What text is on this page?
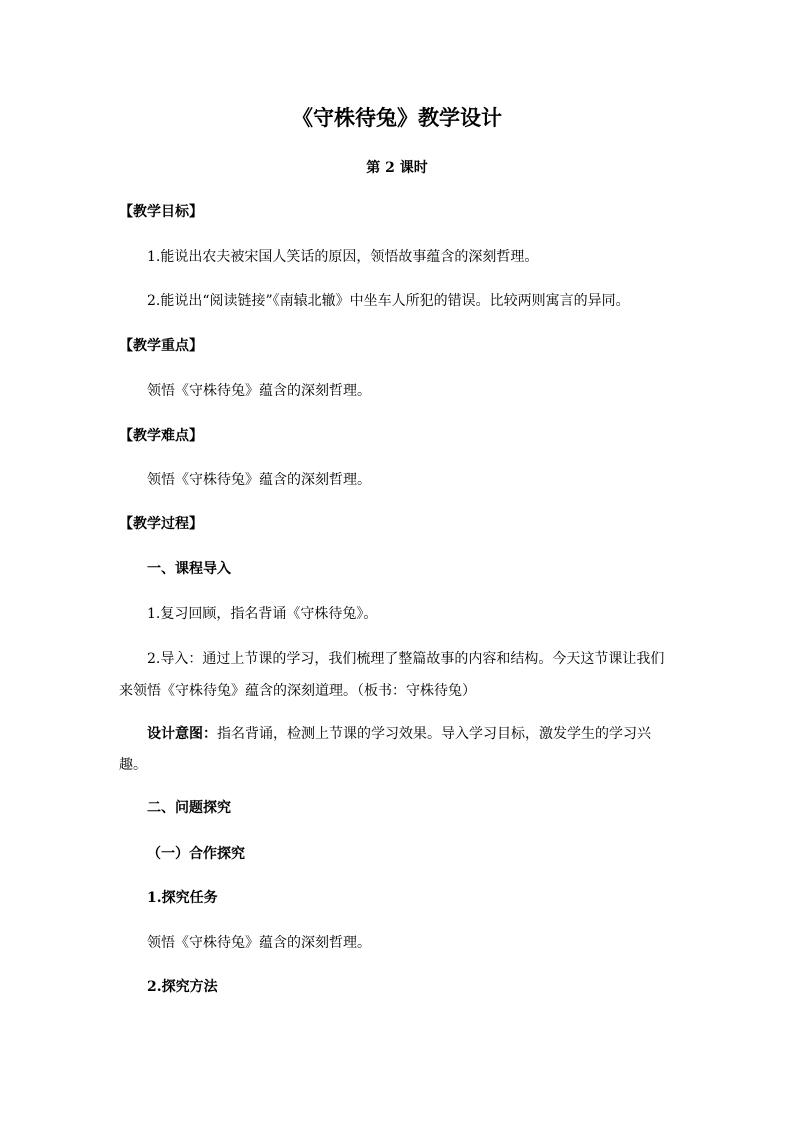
《守株待兔》教学设计
第 2 课时
【教学目标】
1.能说出农夫被宋国人笑话的原因，领悟故事蕴含的深刻哲理。
2.能说出“阅读链接”《南辕北辙》中坐车人所犯的错误。比较两则寓言的异同。
【教学重点】
领悟《守株待兔》蕴含的深刻哲理。
【教学难点】
领悟《守株待兔》蕴含的深刻哲理。
【教学过程】
一、课程导入
1.复习回顾，指名背诵《守株待兔》。
2.导入：通过上节课的学习，我们梳理了整篇故事的内容和结构。今天这节课让我们
来领悟《守株待兔》蕴含的深刻道理。（板书：守株待兔）
设计意图：指名背诵，检测上节课的学习效果。导入学习目标，激发学生的学习兴
趣。
二、问题探究
（一）合作探究
1.探究任务
领悟《守株待兔》蕴含的深刻哲理。
2.探究方法
